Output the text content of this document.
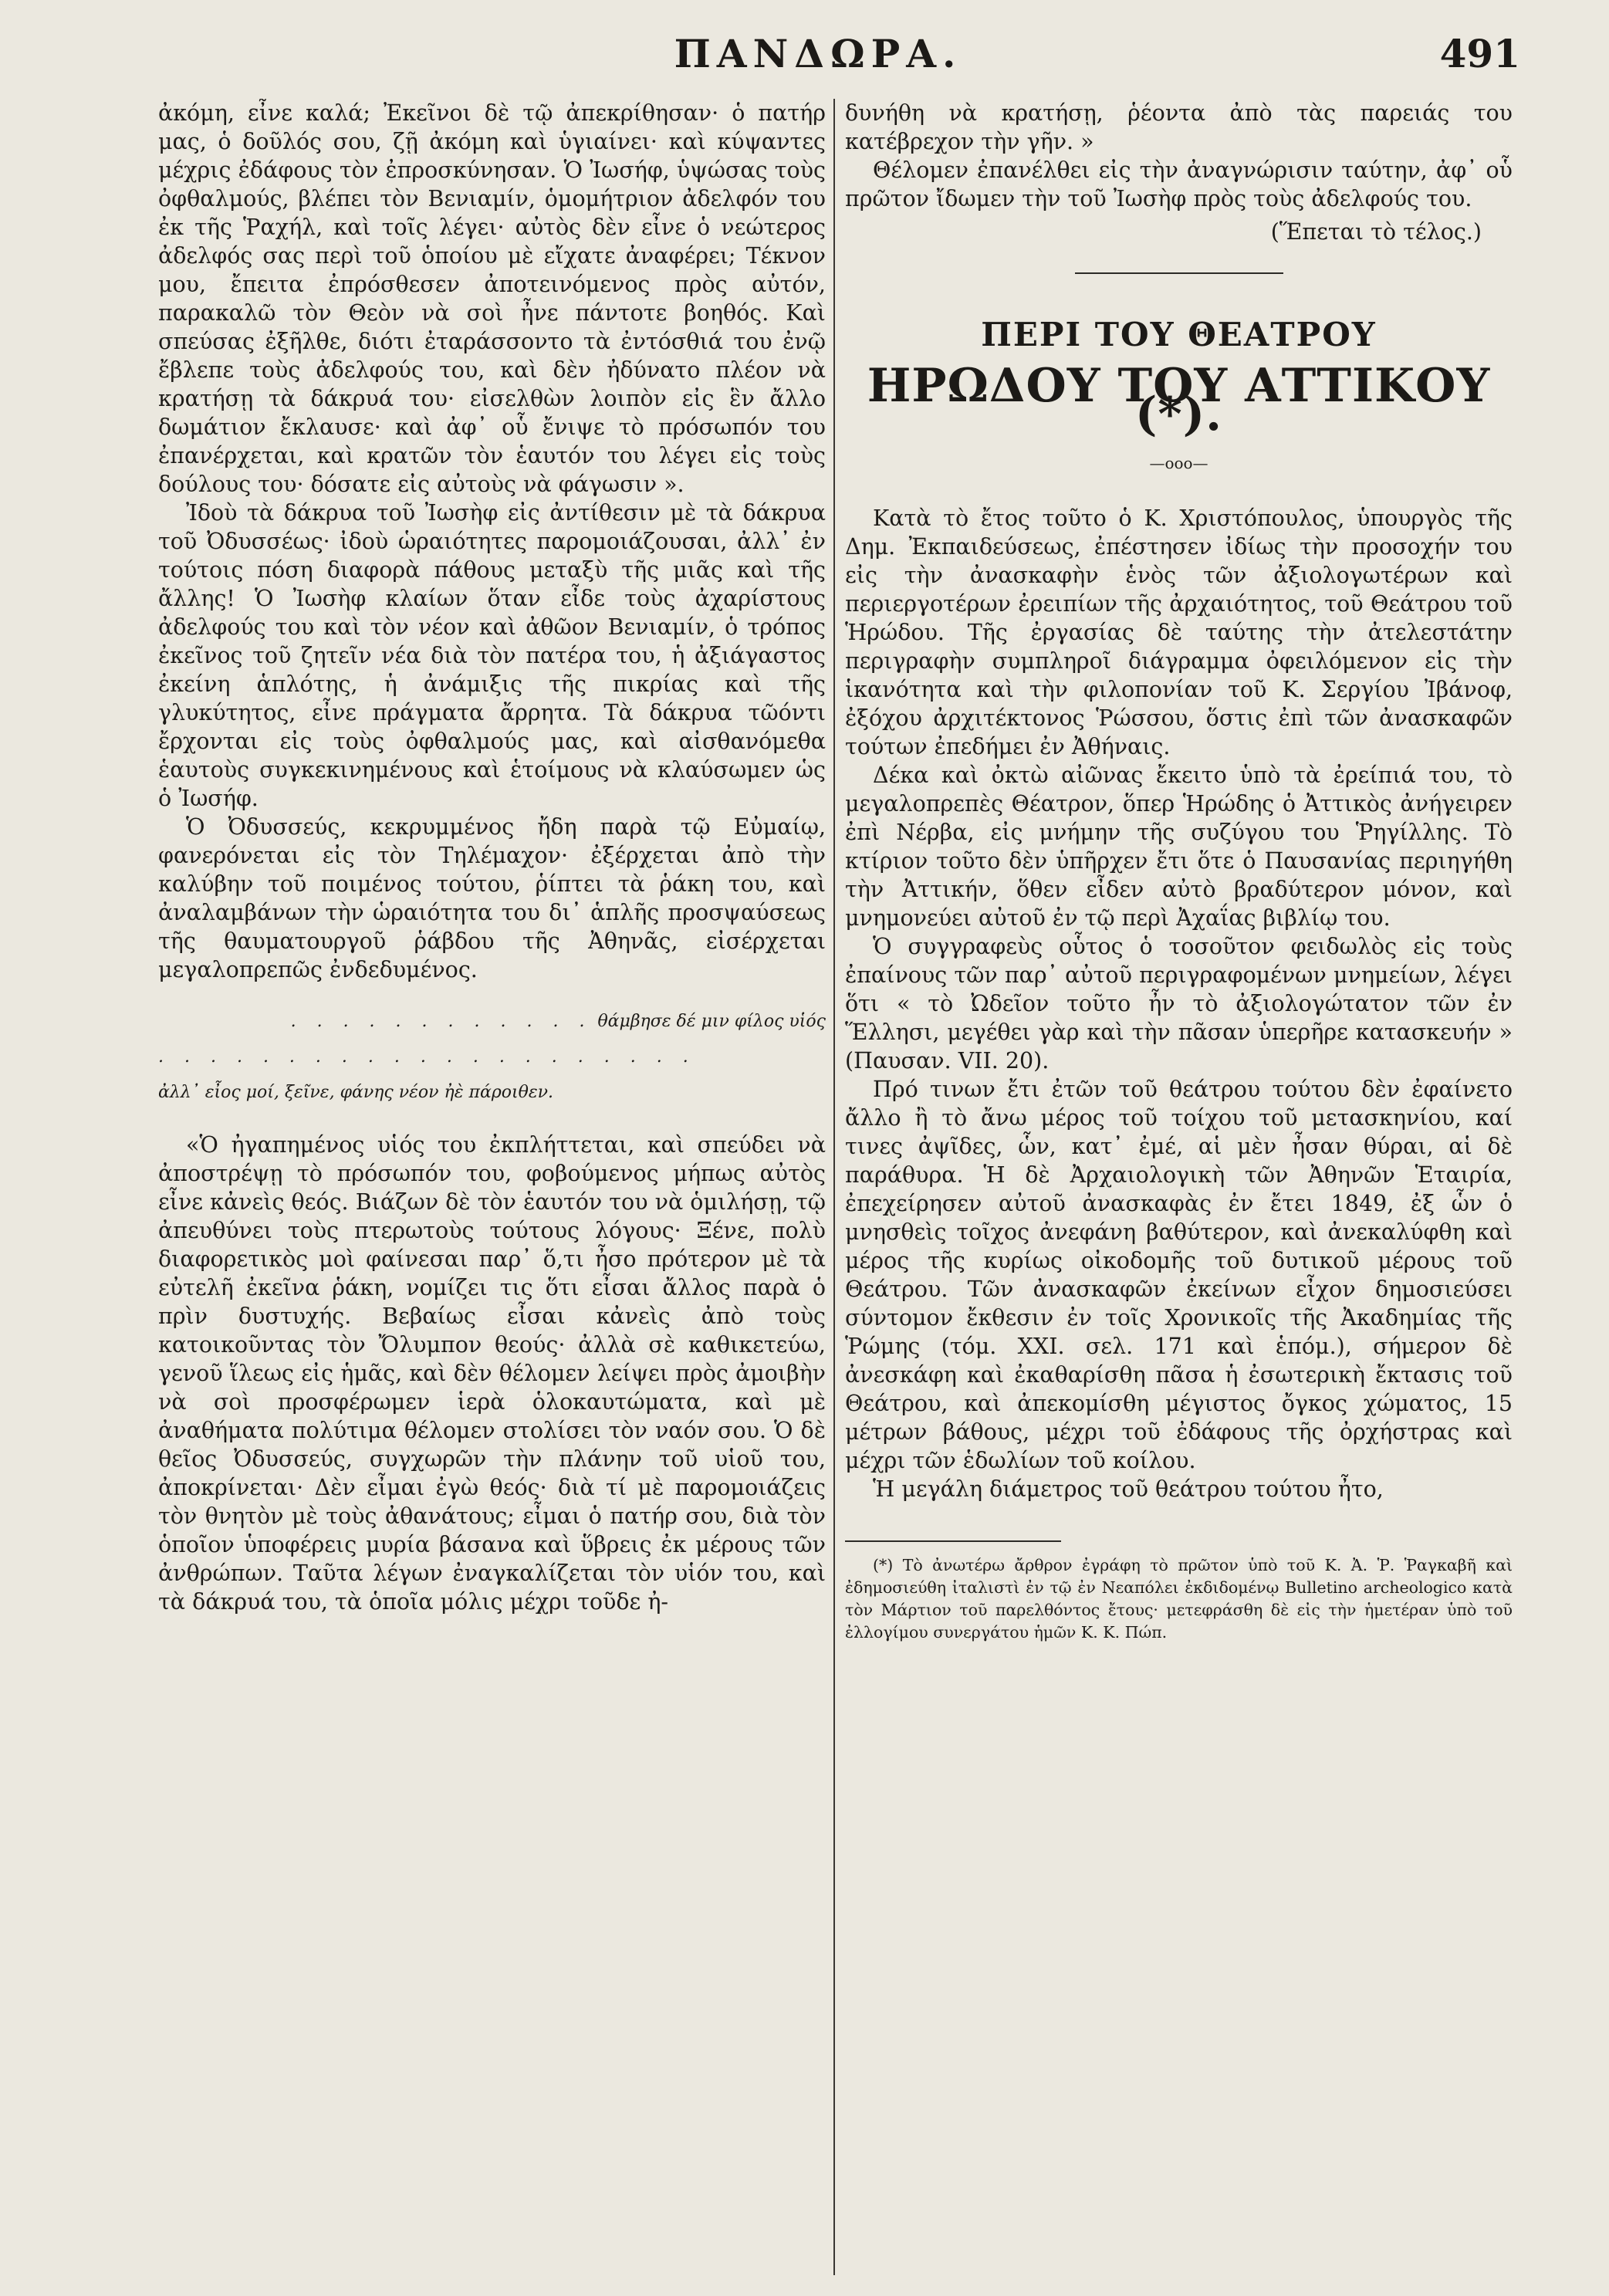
ΠΑΝΔΩΡΑ.	491

ἀκόμη, εἶνε καλά; Ἐκεῖνοι δὲ τῷ ἀπεκρίθησαν· ὁ πατήρ μας, ὁ δοῦλός σου, ζῇ ἀκόμη καὶ ὑγιαίνει· καὶ κύψαντες μέχρις ἐδάφους τὸν ἐπροσκύνησαν. Ὁ Ἰωσήφ, ὑψώσας τοὺς ὀφθαλμούς, βλέπει τὸν Βενιαμίν, ὁμομήτριον ἀδελφόν του ἐκ τῆς Ῥαχήλ, καὶ τοῖς λέγει· αὐτὸς δὲν εἶνε ὁ νεώτερος ἀδελφός σας περὶ τοῦ ὁποίου μὲ εἴχατε ἀναφέρει; Τέκνον μου, ἔπειτα ἐπρόσθεσεν ἀποτεινόμενος πρὸς αὐτόν, παρακαλῶ τὸν Θεὸν νὰ σοὶ ἦνε πάντοτε βοηθός. Καὶ σπεύσας ἐξῆλθε, διότι ἐταράσσοντο τὰ ἐντόσθιά του ἐνῷ ἔβλεπε τοὺς ἀδελφούς του, καὶ δὲν ἠδύνατο πλέον νὰ κρατήσῃ τὰ δάκρυά του· εἰσελθὼν λοιπὸν εἰς ἓν ἄλλο δωμάτιον ἔκλαυσε· καὶ ἀφ᾽ οὗ ἔνιψε τὸ πρόσωπόν του ἐπανέρχεται, καὶ κρατῶν τὸν ἑαυτόν του λέγει εἰς τοὺς δούλους του· δόσατε εἰς αὐτοὺς νὰ φάγωσιν ».

Ἰδοὺ τὰ δάκρυα τοῦ Ἰωσὴφ εἰς ἀντίθεσιν μὲ τὰ δάκρυα τοῦ Ὀδυσσέως· ἰδοὺ ὡραιότητες παρομοιάζουσαι, ἀλλ᾽ ἐν τούτοις πόση διαφορὰ πάθους μεταξὺ τῆς μιᾶς καὶ τῆς ἄλλης! Ὁ Ἰωσὴφ κλαίων ὅταν εἶδε τοὺς ἀχαρίστους ἀδελφούς του καὶ τὸν νέον καὶ ἀθῶον Βενιαμίν, ὁ τρόπος ἐκεῖνος τοῦ ζητεῖν νέα διὰ τὸν πατέρα του, ἡ ἀξιάγαστος ἐκείνη ἁπλότης, ἡ ἀνάμιξις τῆς πικρίας καὶ τῆς γλυκύτητος, εἶνε πράγματα ἄρρητα. Τὰ δάκρυα τῶόντι ἔρχονται εἰς τοὺς ὀφθαλμούς μας, καὶ αἰσθανόμεθα ἑαυτοὺς συγκεκινημένους καὶ ἑτοίμους νὰ κλαύσωμεν ὡς ὁ Ἰωσήφ.

Ὁ Ὀδυσσεύς, κεκρυμμένος ἤδη παρὰ τῷ Εὐμαίῳ, φανερόνεται εἰς τὸν Τηλέμαχον· ἐξέρχεται ἀπὸ τὴν καλύβην τοῦ ποιμένος τούτου, ῥίπτει τὰ ῥάκη του, καὶ ἀναλαμβάνων τὴν ὡραιότητα του δι᾽ ἁπλῆς προσψαύσεως τῆς θαυματουργοῦ ῥάβδου τῆς Ἀθηνᾶς, εἰσέρχεται μεγαλοπρεπῶς ἐνδεδυμένος.

. . . . . . . . . . . . θάμβησε δέ μιν φίλος υἱός
. . . . . . . . . . . . . . . . . . . . .
ἀλλ᾽ εἶος μοί, ξεῖνε, φάνης νέον ἠὲ πάροιθεν.

«Ὁ ἠγαπημένος υἱός του ἐκπλήττεται, καὶ σπεύδει νὰ ἀποστρέψῃ τὸ πρόσωπόν του, φοβούμενος μήπως αὐτὸς εἶνε κἀνεὶς θεός. Βιάζων δὲ τὸν ἑαυτόν του νὰ ὁμιλήσῃ, τῷ ἀπευθύνει τοὺς πτερωτοὺς τούτους λόγους· Ξένε, πολὺ διαφορετικὸς μοὶ φαίνεσαι παρ᾽ ὅ,τι ἦσο πρότερον μὲ τὰ εὐτελῆ ἐκεῖνα ῥάκη, νομίζει τις ὅτι εἶσαι ἄλλος παρὰ ὁ πρὶν δυστυχής. Βεβαίως εἶσαι κἀνεὶς ἀπὸ τοὺς κατοικοῦντας τὸν Ὄλυμπον θεούς· ἀλλὰ σὲ καθικετεύω, γενοῦ ἵλεως εἰς ἡμᾶς, καὶ δὲν θέλομεν λείψει πρὸς ἀμοιβὴν νὰ σοὶ προσφέρωμεν ἱερὰ ὁλοκαυτώματα, καὶ μὲ ἀναθήματα πολύτιμα θέλομεν στολίσει τὸν ναόν σου. Ὁ δὲ θεῖος Ὀδυσσεύς, συγχωρῶν τὴν πλάνην τοῦ υἱοῦ του, ἀποκρίνεται· Δὲν εἶμαι ἐγὼ θεός· διὰ τί μὲ παρομοιάζεις τὸν θνητὸν μὲ τοὺς ἀθανάτους; εἶμαι ὁ πατήρ σου, διὰ τὸν ὁποῖον ὑποφέρεις μυρία βάσανα καὶ ὕβρεις ἐκ μέρους τῶν ἀνθρώπων. Ταῦτα λέγων ἐναγκαλίζεται τὸν υἱόν του, καὶ τὰ δάκρυά του, τὰ ὁποῖα μόλις μέχρι τοῦδε ἠ-

δυνήθη νὰ κρατήσῃ, ῥέοντα ἀπὸ τὰς παρειάς του κατέβρεχον τὴν γῆν. »

Θέλομεν ἐπανέλθει εἰς τὴν ἀναγνώρισιν ταύτην, ἀφ᾽ οὗ πρῶτον ἴδωμεν τὴν τοῦ Ἰωσὴφ πρὸς τοὺς ἀδελφούς του.

(Ἕπεται τὸ τέλος.)
ΠΕΡΙ ΤΟΥ ΘΕΑΤΡΟΥ
ΗΡΩΔΟΥ ΤΟΥ ΑΤΤΙΚΟΥ (*).
—ooo—

Κατὰ τὸ ἔτος τοῦτο ὁ Κ. Χριστόπουλος, ὑπουργὸς τῆς Δημ. Ἐκπαιδεύσεως, ἐπέστησεν ἰδίως τὴν προσοχήν του εἰς τὴν ἀνασκαφὴν ἑνὸς τῶν ἀξιολογωτέρων καὶ περιεργοτέρων ἐρειπίων τῆς ἀρχαιότητος, τοῦ Θεάτρου τοῦ Ἡρώδου. Τῆς ἐργασίας δὲ ταύτης τὴν ἀτελεστάτην περιγραφὴν συμπληροῖ διάγραμμα ὀφειλόμενον εἰς τὴν ἱκανότητα καὶ τὴν φιλοπονίαν τοῦ Κ. Σεργίου Ἰβάνοφ, ἐξόχου ἀρχιτέκτονος Ῥώσσου, ὅστις ἐπὶ τῶν ἀνασκαφῶν τούτων ἐπεδήμει ἐν Ἀθήναις.

Δέκα καὶ ὀκτὼ αἰῶνας ἔκειτο ὑπὸ τὰ ἐρείπιά του, τὸ μεγαλοπρεπὲς Θέατρον, ὅπερ Ἡρώδης ὁ Ἀττικὸς ἀνήγειρεν ἐπὶ Νέρβα, εἰς μνήμην τῆς συζύγου του Ῥηγίλλης. Τὸ κτίριον τοῦτο δὲν ὑπῆρχεν ἔτι ὅτε ὁ Παυσανίας περιηγήθη τὴν Ἀττικήν, ὅθεν εἶδεν αὐτὸ βραδύτερον μόνον, καὶ μνημονεύει αὐτοῦ ἐν τῷ περὶ Ἀχαΐας βιβλίῳ του.

Ὁ συγγραφεὺς οὗτος ὁ τοσοῦτον φειδωλὸς εἰς τοὺς ἐπαίνους τῶν παρ᾽ αὐτοῦ περιγραφομένων μνημείων, λέγει ὅτι « τὸ Ὠδεῖον τοῦτο ἦν τὸ ἀξιολογώτατον τῶν ἐν Ἕλλησι, μεγέθει γὰρ καὶ τὴν πᾶσαν ὑπερῆρε κατασκευήν » (Παυσαν. VII. 20).

Πρό τινων ἔτι ἐτῶν τοῦ θεάτρου τούτου δὲν ἐφαίνετο ἄλλο ἢ τὸ ἄνω μέρος τοῦ τοίχου τοῦ μετασκηνίου, καί τινες ἀψῖδες, ὧν, κατ᾽ ἐμέ, αἱ μὲν ἦσαν θύραι, αἱ δὲ παράθυρα. Ἡ δὲ Ἀρχαιολογικὴ τῶν Ἀθηνῶν Ἑταιρία, ἐπεχείρησεν αὐτοῦ ἀνασκαφὰς ἐν ἔτει 1849, ἐξ ὧν ὁ μνησθεὶς τοῖχος ἀνεφάνη βαθύτερον, καὶ ἀνεκαλύφθη καὶ μέρος τῆς κυρίως οἰκοδομῆς τοῦ δυτικοῦ μέρους τοῦ Θεάτρου. Τῶν ἀνασκαφῶν ἐκείνων εἶχον δημοσιεύσει σύντομον ἔκθεσιν ἐν τοῖς Χρονικοῖς τῆς Ἀκαδημίας τῆς Ῥώμης (τόμ. XXI. σελ. 171 καὶ ἑπόμ.), σήμερον δὲ ἀνεσκάφη καὶ ἐκαθαρίσθη πᾶσα ἡ ἐσωτερικὴ ἔκτασις τοῦ Θεάτρου, καὶ ἀπεκομίσθη μέγιστος ὄγκος χώματος, 15 μέτρων βάθους, μέχρι τοῦ ἐδάφους τῆς ὀρχήστρας καὶ μέχρι τῶν ἑδωλίων τοῦ κοίλου.

Ἡ μεγάλη διάμετρος τοῦ θεάτρου τούτου ἦτο,

(*) Τὸ ἀνωτέρω ἄρθρον ἐγράφη τὸ πρῶτον ὑπὸ τοῦ Κ. Ἀ. Ῥ. Ῥαγκαβῆ καὶ ἐδημοσιεύθη ἰταλιστὶ ἐν τῷ ἐν Νεαπόλει ἐκδιδομένῳ Bulletino archeologico κατὰ τὸν Μάρτιον τοῦ παρελθόντος ἔτους· μετεφράσθη δὲ εἰς τὴν ἡμετέραν ὑπὸ τοῦ ἐλλογίμου συνεργάτου ἡμῶν Κ. Κ. Πώπ.
